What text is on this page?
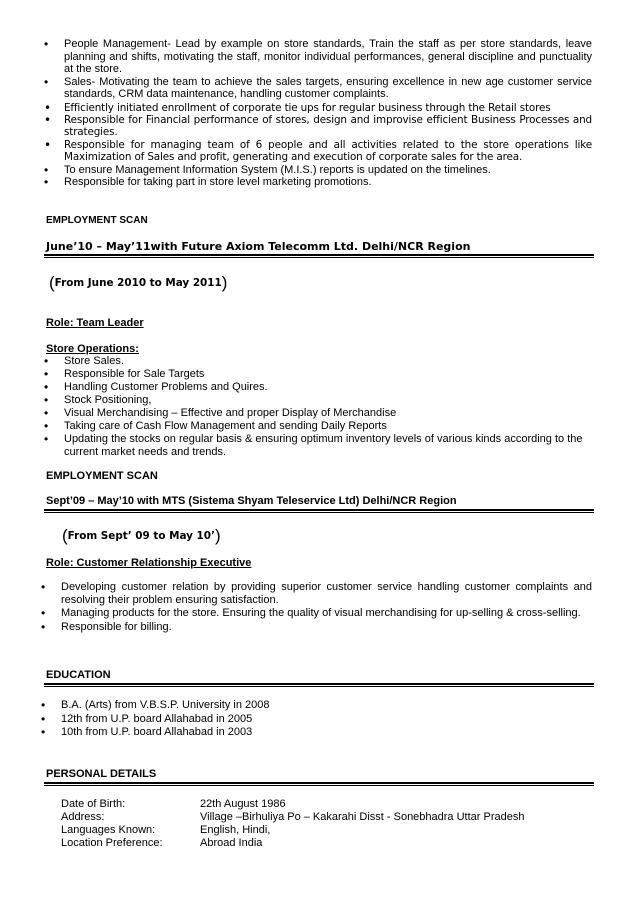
• People Management- Lead by example on store standards, Train the staff as per store standards, leave planning and shifts, motivating the staff, monitor individual performances, general discipline and punctuality at the store.
• Sales- Motivating the team to achieve the sales targets, ensuring excellence in new age customer service standards, CRM data maintenance, handling customer complaints.
• Efficiently initiated enrollment of corporate tie ups for regular business through the Retail stores
• Responsible for Financial performance of stores, design and improvise efficient Business Processes and strategies.
• Responsible for managing team of 6 people and all activities related to the store operations like Maximization of Sales and profit, generating and execution of corporate sales for the area.
• To ensure Management Information System (M.I.S.) reports is updated on the timelines.
• Responsible for taking part in store level marketing promotions.
EMPLOYMENT SCAN
June’10 – May’11with Future Axiom Telecomm Ltd. Delhi/NCR Region
(From June 2010 to May 2011)
Role: Team Leader
Store Operations:
• Store Sales.
• Responsible for Sale Targets
• Handling Customer Problems and Quires.
• Stock Positioning,
• Visual Merchandising – Effective and proper Display of Merchandise
• Taking care of Cash Flow Management and sending Daily Reports
• Updating the stocks on regular basis & ensuring optimum inventory levels of various kinds according to the current market needs and trends.
EMPLOYMENT SCAN
Sept’09 – May’10 with MTS (Sistema Shyam Teleservice Ltd) Delhi/NCR Region
(From Sept’ 09 to May 10’)
Role: Customer Relationship Executive
• Developing customer relation by providing superior customer service handling customer complaints and resolving their problem ensuring satisfaction.
• Managing products for the store. Ensuring the quality of visual merchandising for up-selling & cross-selling.
• Responsible for billing.
EDUCATION
• B.A. (Arts) from V.B.S.P. University in 2008
• 12th from U.P. board Allahabad in 2005
• 10th from U.P. board Allahabad in 2003
PERSONAL DETAILS
Date of Birth:	22th August 1986
Address:	Village –Birhuliya Po – Kakarahi Disst - Sonebhadra Uttar Pradesh
Languages Known:	English, Hindi,
Location Preference:	Abroad India
